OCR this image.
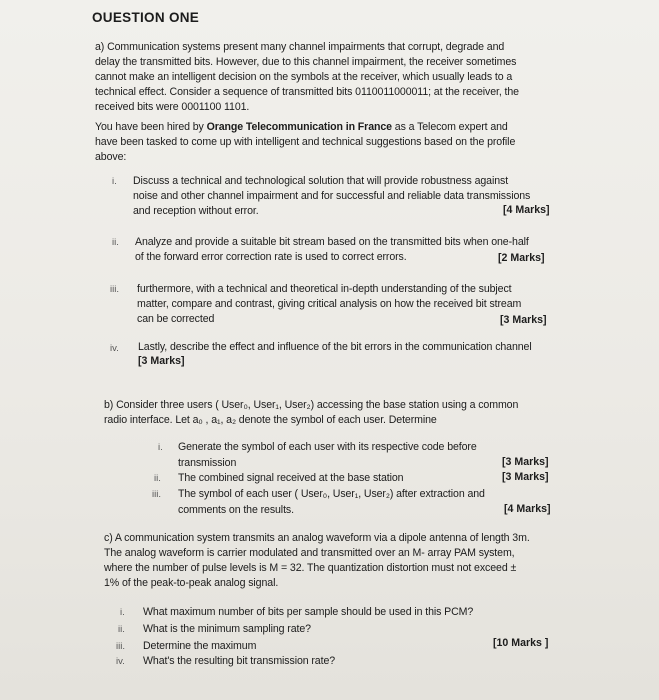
OUESTION ONE
a) Communication systems present many channel impairments that corrupt, degrade and
delay the transmitted bits. However, due to this channel impairment, the receiver sometimes
cannot make an intelligent decision on the symbols at the receiver, which usually leads to a
technical effect. Consider a sequence of transmitted bits 0110011000011; at the receiver, the
received bits were 0001100 1101.
You have been hired by Orange Telecommunication in France as a Telecom expert and
have been tasked to come up with intelligent and technical suggestions based on the profile
above:
i. Discuss a technical and technological solution that will provide robustness against
noise and other channel impairment and for successful and reliable data transmissions
and reception without error.	[4 Marks]
ii. Analyze and provide a suitable bit stream based on the transmitted bits when one-half
of the forward error correction rate is used to correct errors.	[2 Marks]
iii. furthermore, with a technical and theoretical in-depth understanding of the subject
matter, compare and contrast, giving critical analysis on how the received bit stream
can be corrected	[3 Marks]
iv. Lastly, describe the effect and influence of the bit errors in the communication channel
[3 Marks]
b) Consider three users ( User₀, User₁, User₂) accessing the base station using a common
radio interface. Let a₀ , a₁, a₂ denote the symbol of each user. Determine
i. Generate the symbol of each user with its respective code before
transmission	[3 Marks]
ii. The combined signal received at the base station	[3 Marks]
iii. The symbol of each user ( User₀, User₁, User₂) after extraction and
comments on the results.	[4 Marks]
c) A communication system transmits an analog waveform via a dipole antenna of length 3m.
The analog waveform is carrier modulated and transmitted over an M- array PAM system,
where the number of pulse levels is M = 32. The quantization distortion must not exceed ±
1% of the peak-to-peak analog signal.
i. What maximum number of bits per sample should be used in this PCM?
ii. What is the minimum sampling rate?
iii. Determine the maximum	[10 Marks ]
iv. What's the resulting bit transmission rate?
